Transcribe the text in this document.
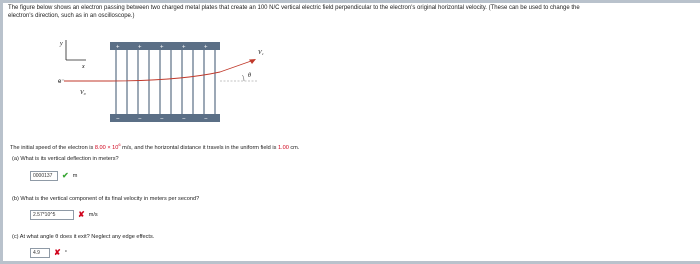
The figure below shows an electron passing between two charged metal plates that create an 100 N/C vertical electric field perpendicular to the electron's original horizontal velocity. (These can be used to change the
electron's direction, such as in an oscilloscope.)
y
x
+	+	+	+	+
−	−	−	−	−
θ
V₁
e⁻
V₀
The initial speed of the electron is $8.00 \times 10^6$ m/s, and the horizontal distance it travels in the uniform field is 1.00 cm.
(a) What is its vertical deflection in meters?
0000137	✔ m
(b) What is the vertical component of its final velocity in meters per second?
2.57*10^5	✘ m/s
(c) At what angle θ does it exit? Neglect any edge effects.
4.9	✘ °
